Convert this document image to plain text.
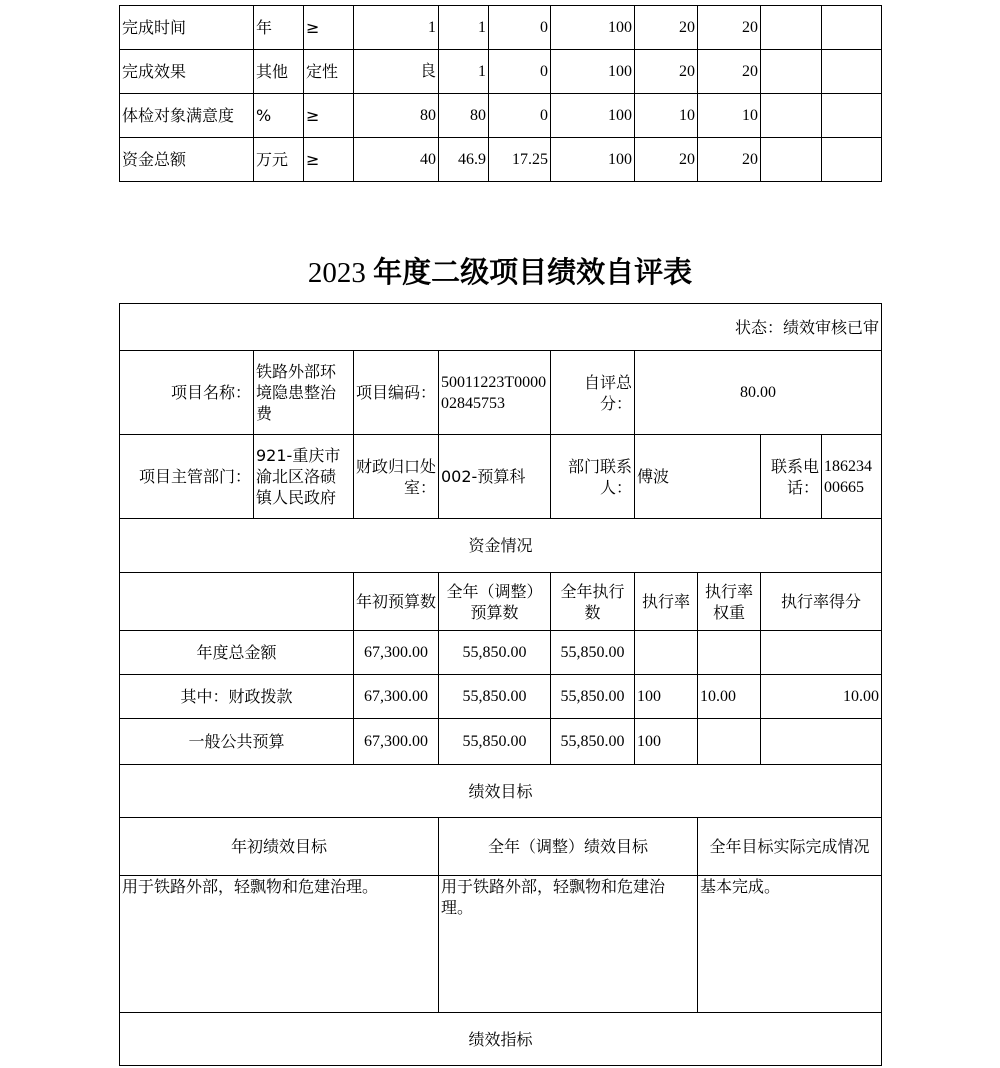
完成时间	年	≥	1	1	0	100	20	20		
完成效果	其他	定性	良	1	0	100	20	20		
体检对象满意度	%	≥	80	80	0	100	10	10		
资金总额	万元	≥	40	46.9	17.25	100	20	20		
2023 年度二级项目绩效自评表
状态：绩效审核已审								
项目名称：	铁路外部环境隐患整治费	项目编码：	50011223T000002845753	自评总分：	80.00			
项目主管部门：	921-重庆市渝北区洛碛镇人民政府	财政归口处室：	002-预算科	部门联系人：	傅波		联系电话：	18623400665
资金情况								
		年初预算数	全年（调整）预算数	全年执行数	执行率	执行率权重	执行率得分	
年度总金额		67,300.00	55,850.00	55,850.00				
其中：财政拨款		67,300.00	55,850.00	55,850.00	100	10.00	10.00	
一般公共预算		67,300.00	55,850.00	55,850.00	100			
绩效目标								
年初绩效目标			全年（调整）绩效目标			全年目标实际完成情况		
用于铁路外部，轻飘物和危建治理。			用于铁路外部，轻飘物和危建治理。			基本完成。		
绩效指标								
